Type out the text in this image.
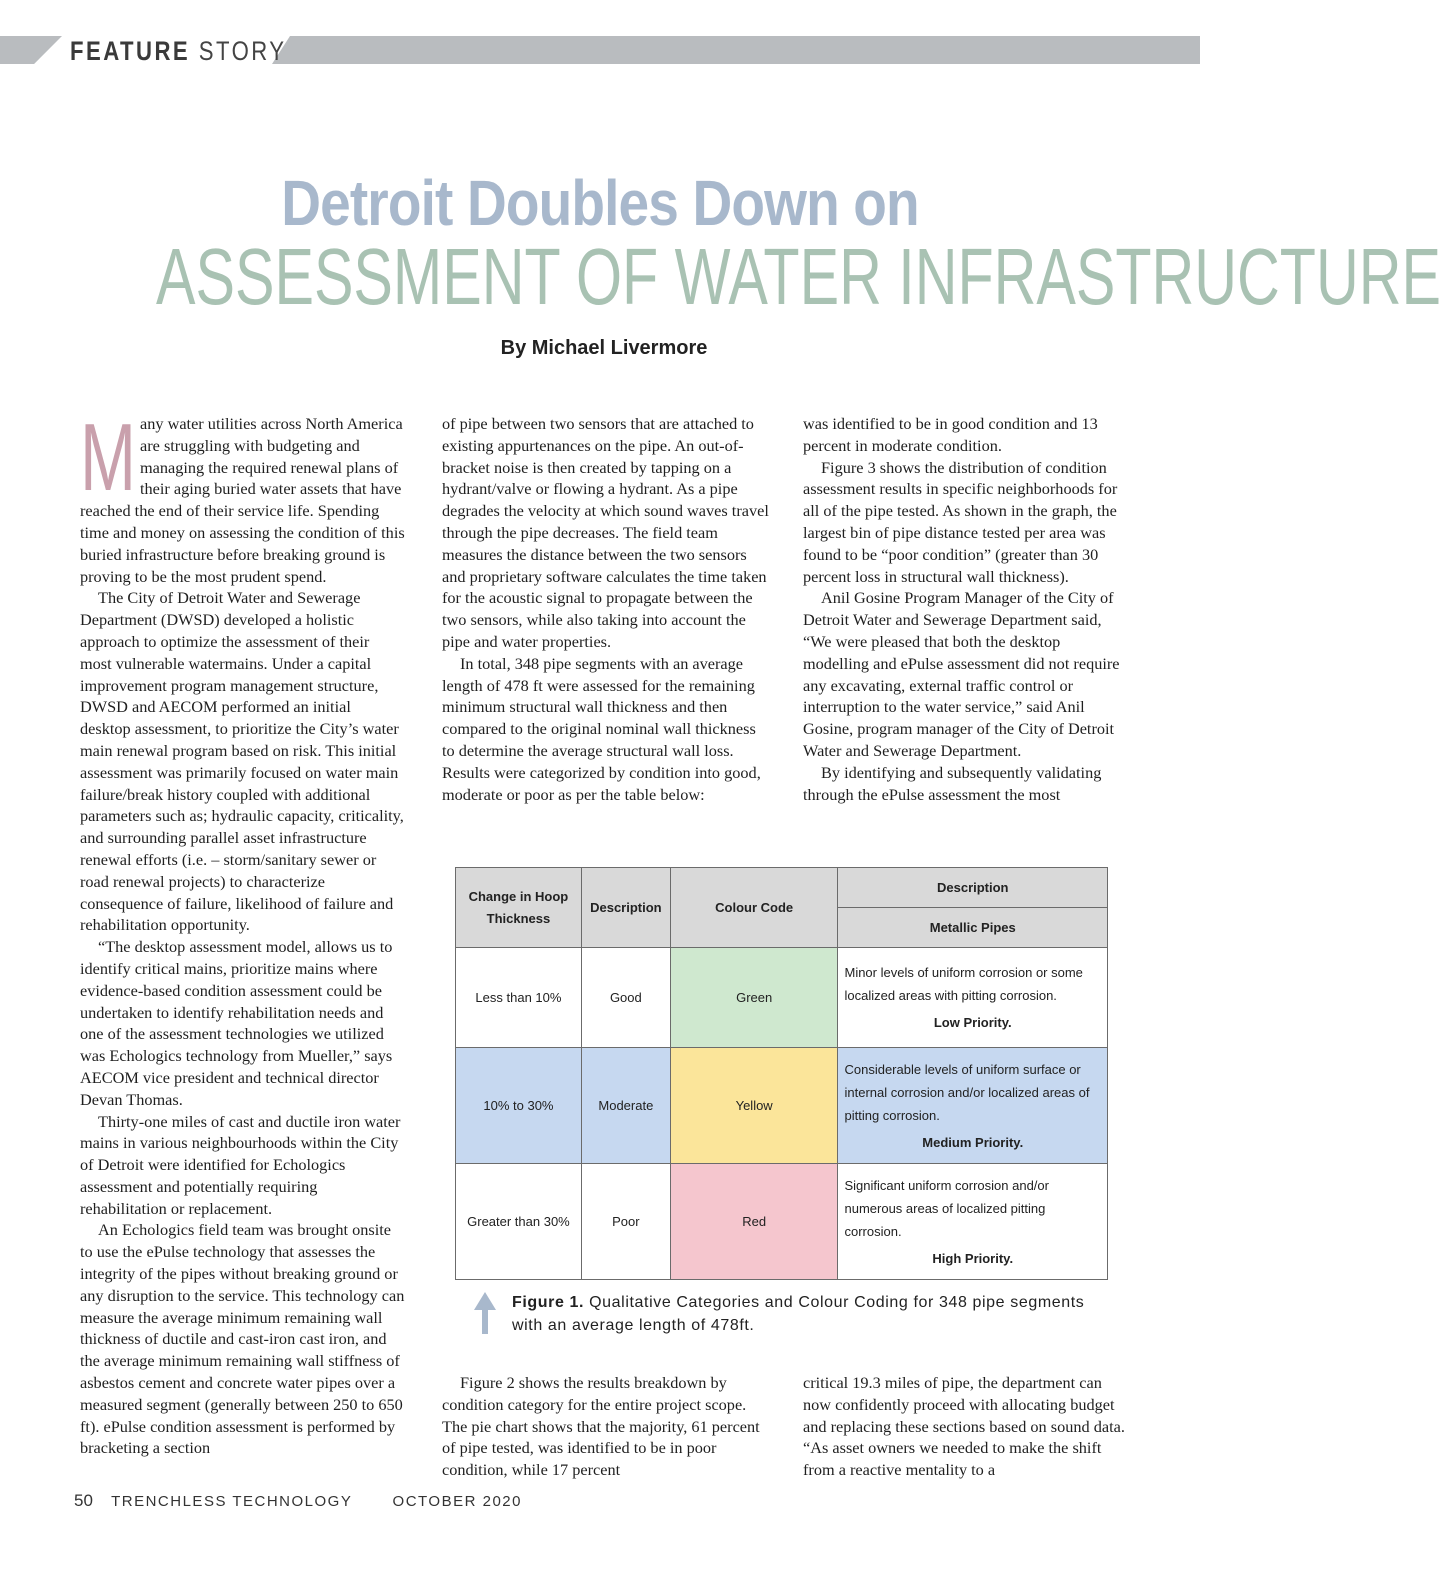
FEATURE STORY
Detroit Doubles Down on
ASSESSMENT OF WATER INFRASTRUCTURE
By Michael Livermore

Many water utilities across North America are struggling with budgeting and managing the required renewal plans of their aging buried water assets that have reached the end of their service life. Spending time and money on assessing the condition of this buried infrastructure before breaking ground is proving to be the most prudent spend.

The City of Detroit Water and Sewerage Department (DWSD) developed a holistic approach to optimize the assessment of their most vulnerable watermains. Under a capital improvement program management structure, DWSD and AECOM performed an initial desktop assessment, to prioritize the City’s water main renewal program based on risk. This initial assessment was primarily focused on water main failure/break history coupled with additional parameters such as; hydraulic capacity, criticality, and surrounding parallel asset infrastructure renewal efforts (i.e. – storm/sanitary sewer or road renewal projects) to characterize consequence of failure, likelihood of failure and rehabilitation opportunity.

“The desktop assessment model, allows us to identify critical mains, prioritize mains where evidence-based condition assessment could be undertaken to identify rehabilitation needs and one of the assessment technologies we utilized was Echologics technology from Mueller,” says AECOM vice president and technical director Devan Thomas.

Thirty-one miles of cast and ductile iron water mains in various neighbourhoods within the City of Detroit were identified for Echologics assessment and potentially requiring rehabilitation or replacement.

An Echologics field team was brought onsite to use the ePulse technology that assesses the integrity of the pipes without breaking ground or any disruption to the service. This technology can measure the average minimum remaining wall thickness of ductile and cast-iron cast iron, and the average minimum remaining wall stiffness of asbestos cement and concrete water pipes over a measured segment (generally between 250 to 650 ft). ePulse condition assessment is performed by bracketing a section

of pipe between two sensors that are attached to existing appurtenances on the pipe. An out-of-bracket noise is then created by tapping on a hydrant/valve or flowing a hydrant. As a pipe degrades the velocity at which sound waves travel through the pipe decreases. The field team measures the distance between the two sensors and proprietary software calculates the time taken for the acoustic signal to propagate between the two sensors, while also taking into account the pipe and water properties.

In total, 348 pipe segments with an average length of 478 ft were assessed for the remaining minimum structural wall thickness and then compared to the original nominal wall thickness to determine the average structural wall loss. Results were categorized by condition into good, moderate or poor as per the table below:

was identified to be in good condition and 13 percent in moderate condition.

Figure 3 shows the distribution of condition assessment results in specific neighborhoods for all of the pipe tested. As shown in the graph, the largest bin of pipe distance tested per area was found to be “poor condition” (greater than 30 percent loss in structural wall thickness).

Anil Gosine Program Manager of the City of Detroit Water and Sewerage Department said, “We were pleased that both the desktop modelling and ePulse assessment did not require any excavating, external traffic control or interruption to the water service,” said Anil Gosine, program manager of the City of Detroit Water and Sewerage Department.

By identifying and subsequently validating through the ePulse assessment the most

Change in Hoop Thickness	Description	Colour Code	Description
			Metallic Pipes
Less than 10%	Good	Green	Minor levels of uniform corrosion or some localized areas with pitting corrosion.
Low Priority.

10% to 30%	Moderate	Yellow	Considerable levels of uniform surface or internal corrosion and/or localized areas of pitting corrosion.
Medium Priority.

Greater than 30%	Poor	Red	Significant uniform corrosion and/or numerous areas of localized pitting corrosion.
High Priority.
Figure 1. Qualitative Categories and Colour Coding for 348 pipe segments with an average length of 478ft.

Figure 2 shows the results breakdown by condition category for the entire project scope. The pie chart shows that the majority, 61 percent of pipe tested, was identified to be in poor condition, while 17 percent

critical 19.3 miles of pipe, the department can now confidently proceed with allocating budget and replacing these sections based on sound data. “As asset owners we needed to make the shift from a reactive mentality to a

50 TRENCHLESS TECHNOLOGY	OCTOBER 2020
